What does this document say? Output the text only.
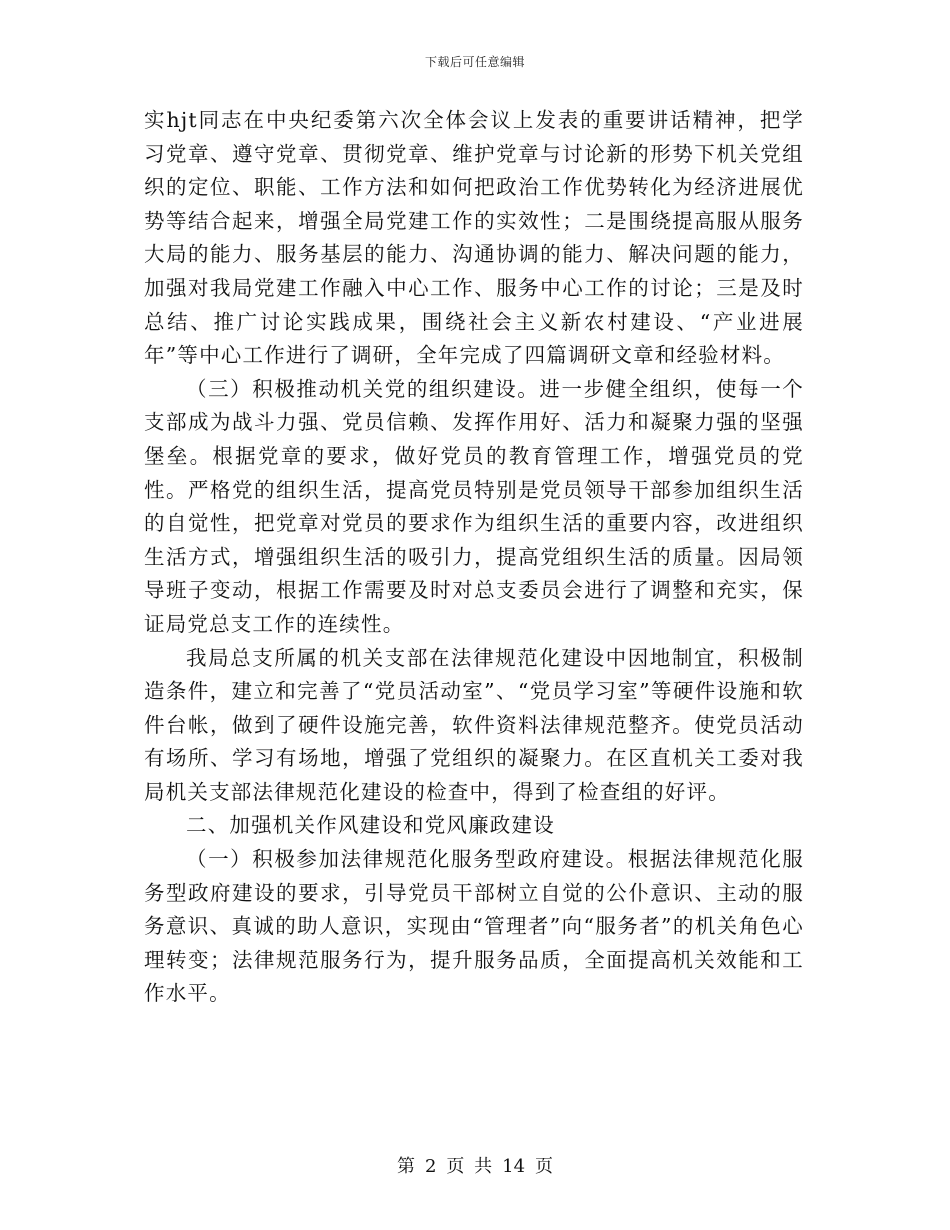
下载后可任意编辑

实hjt同志在中央纪委第六次全体会议上发表的重要讲话精神，把学习党章、遵守党章、贯彻党章、维护党章与讨论新的形势下机关党组织的定位、职能、工作方法和如何把政治工作优势转化为经济进展优势等结合起来，增强全局党建工作的实效性；二是围绕提高服从服务大局的能力、服务基层的能力、沟通协调的能力、解决问题的能力，加强对我局党建工作融入中心工作、服务中心工作的讨论；三是及时总结、推广讨论实践成果，围绕社会主义新农村建设、“产业进展年”等中心工作进行了调研，全年完成了四篇调研文章和经验材料。

（三）积极推动机关党的组织建设。进一步健全组织，使每一个支部成为战斗力强、党员信赖、发挥作用好、活力和凝聚力强的坚强堡垒。根据党章的要求，做好党员的教育管理工作，增强党员的党性。严格党的组织生活，提高党员特别是党员领导干部参加组织生活的自觉性，把党章对党员的要求作为组织生活的重要内容，改进组织生活方式，增强组织生活的吸引力，提高党组织生活的质量。因局领导班子变动，根据工作需要及时对总支委员会进行了调整和充实，保证局党总支工作的连续性。

我局总支所属的机关支部在法律规范化建设中因地制宜，积极制造条件，建立和完善了“党员活动室”、“党员学习室”等硬件设施和软件台帐，做到了硬件设施完善，软件资料法律规范整齐。使党员活动有场所、学习有场地，增强了党组织的凝聚力。在区直机关工委对我局机关支部法律规范化建设的检查中，得到了检查组的好评。

二、加强机关作风建设和党风廉政建设

（一）积极参加法律规范化服务型政府建设。根据法律规范化服务型政府建设的要求，引导党员干部树立自觉的公仆意识、主动的服务意识、真诚的助人意识，实现由“管理者”向“服务者”的机关角色心理转变；法律规范服务行为，提升服务品质，全面提高机关效能和工作水平。

第 2 页 共 14 页
